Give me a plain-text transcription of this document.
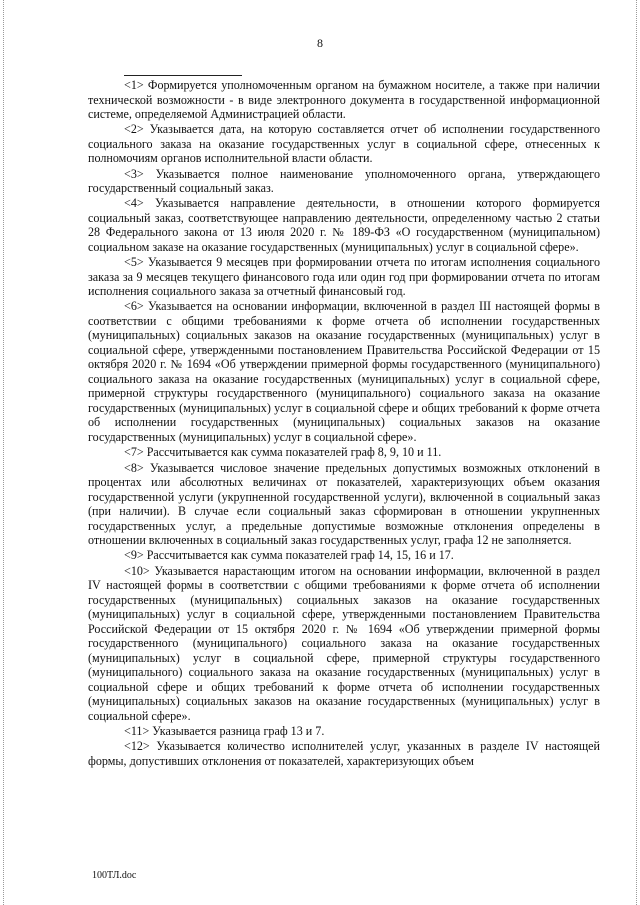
8

<1> Формируется уполномоченным органом на бумажном носителе, а также при наличии технической возможности - в виде электронного документа в государственной информационной системе, определяемой Администрацией области.

<2> Указывается дата, на которую составляется отчет об исполнении государственного социального заказа на оказание государственных услуг в социальной сфере, отнесенных к полномочиям органов исполнительной власти области.

<3> Указывается полное наименование уполномоченного органа, утверждающего государственный социальный заказ.

<4> Указывается направление деятельности, в отношении которого формируется социальный заказ, соответствующее направлению деятельности, определенному частью 2 статьи 28 Федерального закона от 13 июля 2020 г. № 189-ФЗ «О государственном (муниципальном) социальном заказе на оказание государственных (муниципальных) услуг в социальной сфере».

<5> Указывается 9 месяцев при формировании отчета по итогам исполнения социального заказа за 9 месяцев текущего финансового года или один год при формировании отчета по итогам исполнения социального заказа за отчетный финансовый год.

<6> Указывается на основании информации, включенной в раздел III настоящей формы в соответствии с общими требованиями к форме отчета об исполнении государственных (муниципальных) социальных заказов на оказание государственных (муниципальных) услуг в социальной сфере, утвержденными постановлением Правительства Российской Федерации от 15 октября 2020 г. № 1694 «Об утверждении примерной формы государственного (муниципального) социального заказа на оказание государственных (муниципальных) услуг в социальной сфере, примерной структуры государственного (муниципального) социального заказа на оказание государственных (муниципальных) услуг в социальной сфере и общих требований к форме отчета об исполнении государственных (муниципальных) социальных заказов на оказание государственных (муниципальных) услуг в социальной сфере».

<7> Рассчитывается как сумма показателей граф 8, 9, 10 и 11.

<8> Указывается числовое значение предельных допустимых возможных отклонений в процентах или абсолютных величинах от показателей, характеризующих объем оказания государственной услуги (укрупненной государственной услуги), включенной в социальный заказ (при наличии). В случае если социальный заказ сформирован в отношении укрупненных государственных услуг, а предельные допустимые возможные отклонения определены в отношении включенных в социальный заказ государственных услуг, графа 12 не заполняется.

<9> Рассчитывается как сумма показателей граф 14, 15, 16 и 17.

<10> Указывается нарастающим итогом на основании информации, включенной в раздел IV настоящей формы в соответствии с общими требованиями к форме отчета об исполнении государственных (муниципальных) социальных заказов на оказание государственных (муниципальных) услуг в социальной сфере, утвержденными постановлением Правительства Российской Федерации от 15 октября 2020 г. № 1694 «Об утверждении примерной формы государственного (муниципального) социального заказа на оказание государственных (муниципальных) услуг в социальной сфере, примерной структуры государственного (муниципального) социального заказа на оказание государственных (муниципальных) услуг в социальной сфере и общих требований к форме отчета об исполнении государственных (муниципальных) социальных заказов на оказание государственных (муниципальных) услуг в социальной сфере».

<11> Указывается разница граф 13 и 7.

<12> Указывается количество исполнителей услуг, указанных в разделе IV настоящей формы, допустивших отклонения от показателей, характеризующих объем

100ТЛ.doc
